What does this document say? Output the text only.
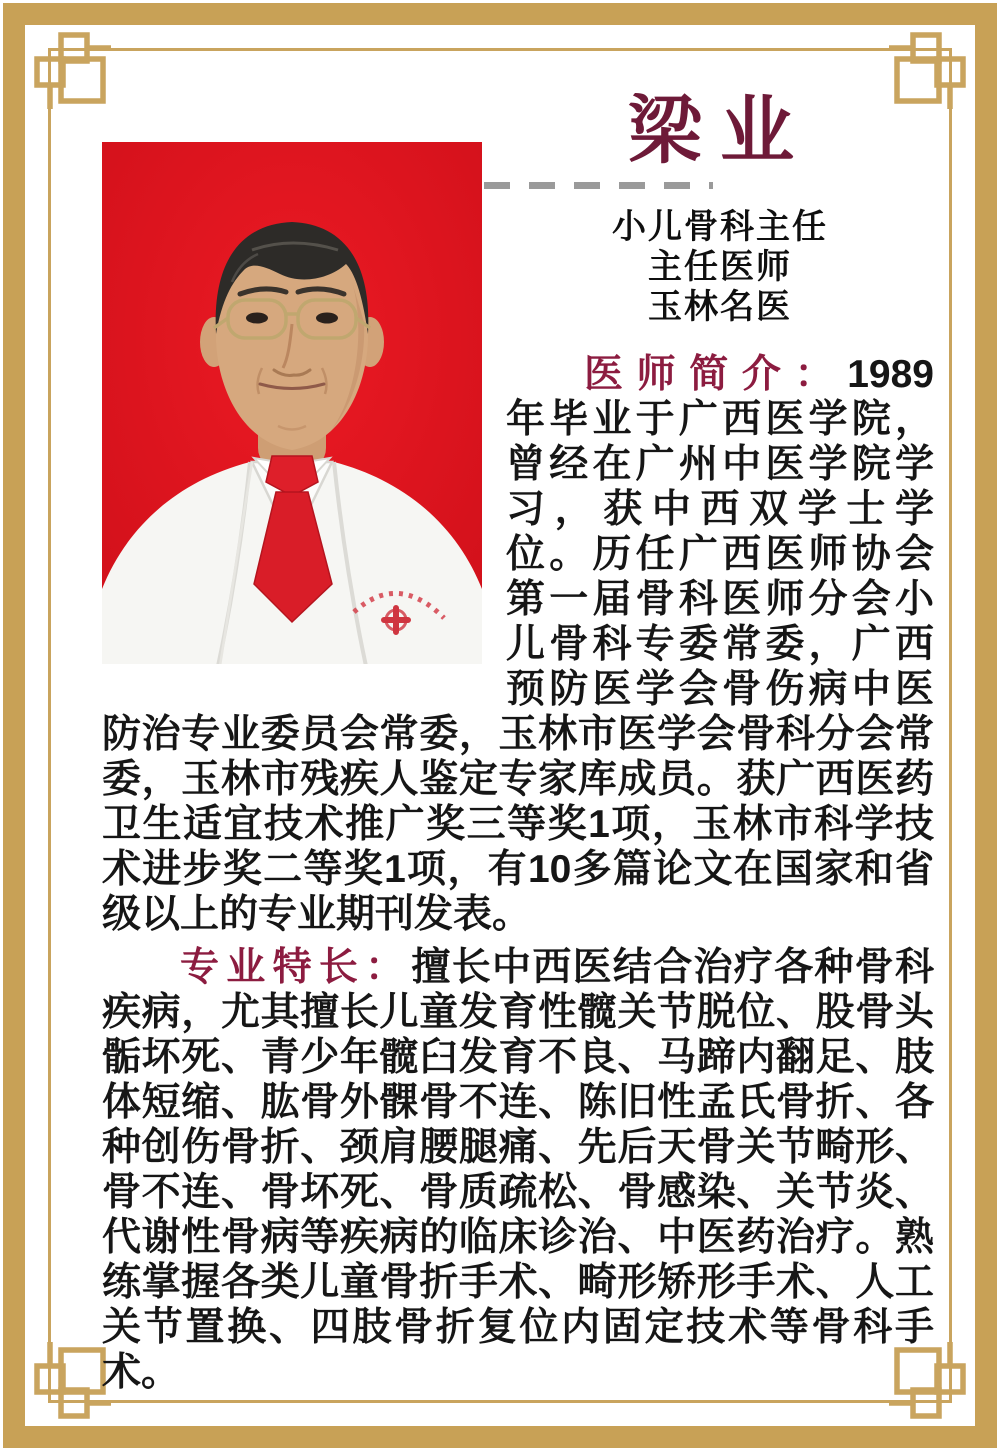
梁业
小儿骨科主任
主任医师
玉林名医

医师简介：1989年毕业于广西医学院，曾经在广州中医学院学习，获中西双学士学位。历任广西医师协会第一届骨科医师分会小儿骨科专委常委，广西预防医学会骨伤病中医防治专业委员会常委，玉林市医学会骨科分会常委，玉林市残疾人鉴定专家库成员。获广西医药卫生适宜技术推广奖三等奖1项，玉林市科学技术进步奖二等奖1项，有10多篇论文在国家和省级以上的专业期刊发表。

专业特长：擅长中西医结合治疗各种骨科疾病，尤其擅长儿童发育性髋关节脱位、股骨头骺坏死、青少年髋臼发育不良、马蹄内翻足、肢体短缩、肱骨外髁骨不连、陈旧性孟氏骨折、各种创伤骨折、颈肩腰腿痛、先后天骨关节畸形、骨不连、骨坏死、骨质疏松、骨感染、关节炎、代谢性骨病等疾病的临床诊治、中医药治疗。熟练掌握各类儿童骨折手术、畸形矫形手术、人工关节置换、四肢骨折复位内固定技术等骨科手术。
